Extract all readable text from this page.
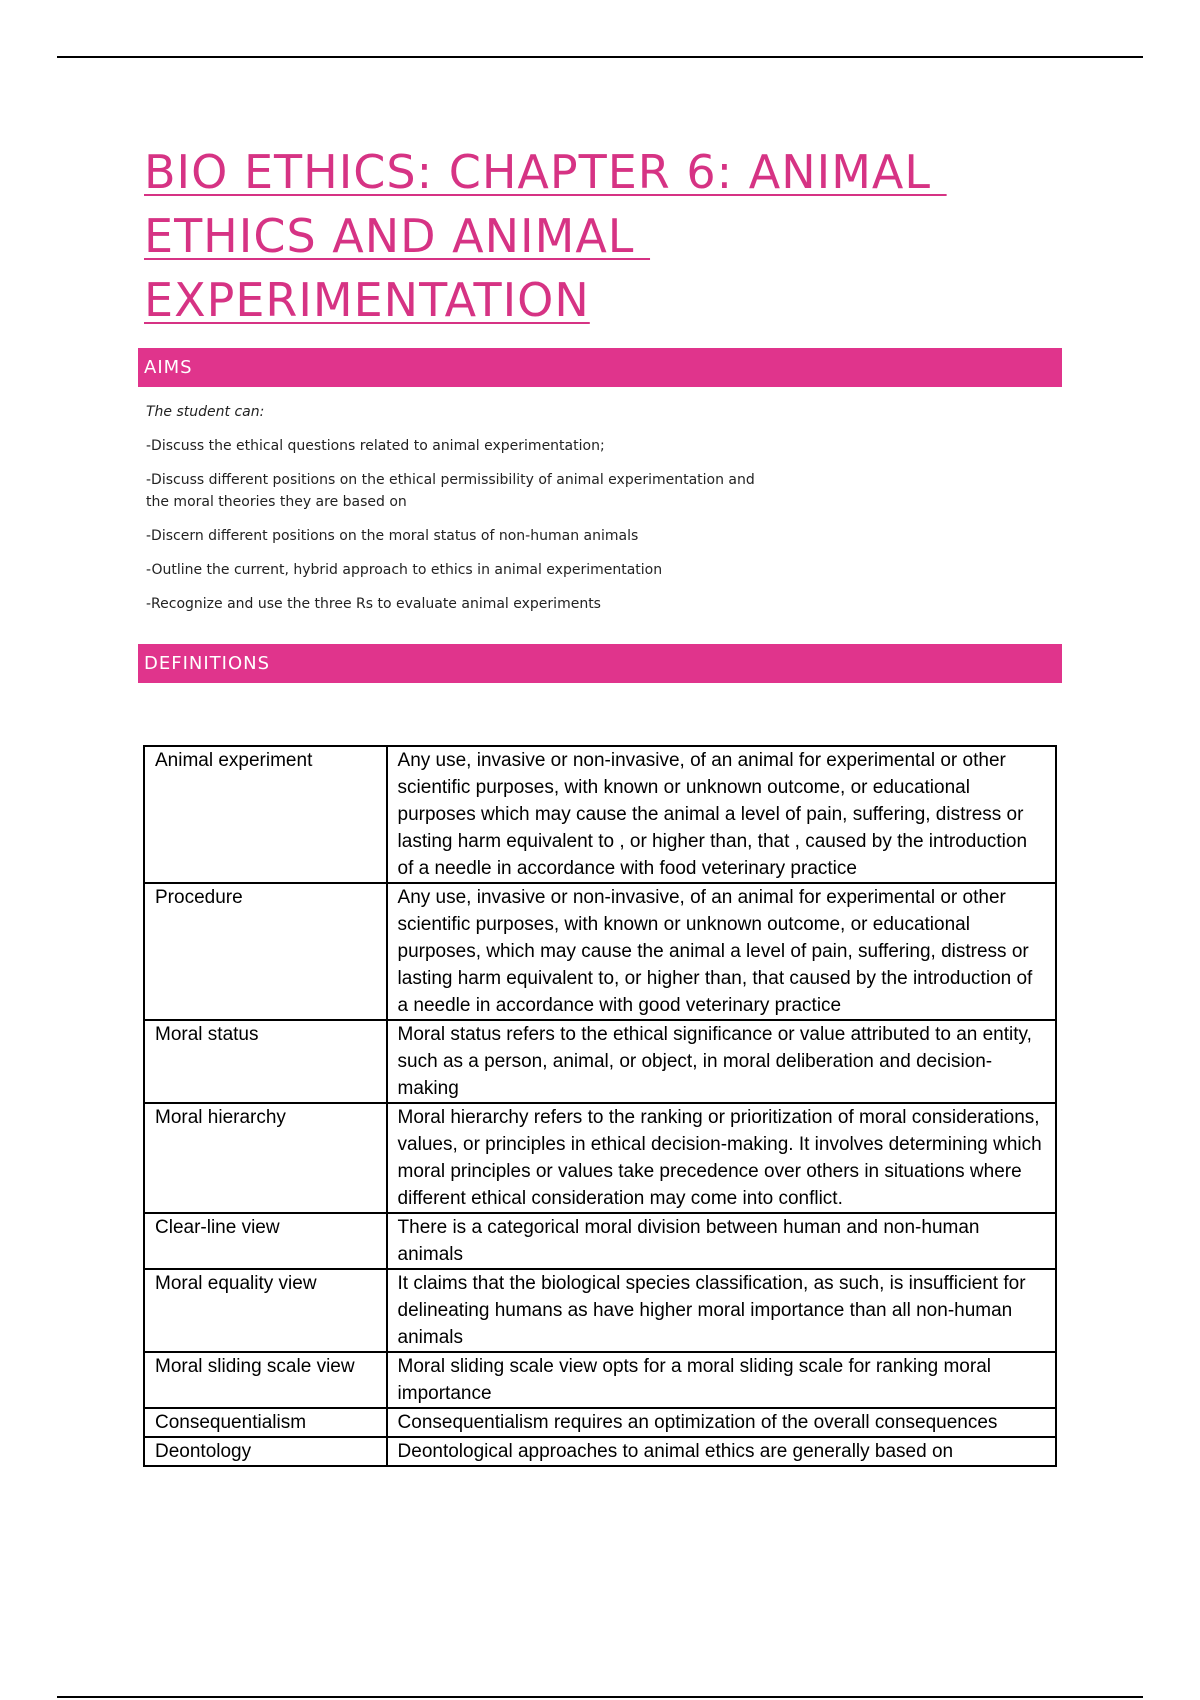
BIO ETHICS: CHAPTER 6: ANIMAL
ETHICS AND ANIMAL
EXPERIMENTATION
AIMS

The student can:

-Discuss the ethical questions related to animal experimentation;

-Discuss different positions on the ethical permissibility of animal experimentation and the moral theories they are based on

-Discern different positions on the moral status of non-human animals

-Outline the current, hybrid approach to ethics in animal experimentation

-Recognize and use the three Rs to evaluate animal experiments

DEFINITIONS
Animal experiment	Any use, invasive or non-invasive, of an animal for experimental or other scientific purposes, with known or unknown outcome, or educational purposes which may cause the animal a level of pain, suffering, distress or lasting harm equivalent to , or higher than, that , caused by the introduction of a needle in accordance with food veterinary practice
Procedure	Any use, invasive or non-invasive, of an animal for experimental or other scientific purposes, with known or unknown outcome, or educational purposes, which may cause the animal a level of pain, suffering, distress or lasting harm equivalent to, or higher than, that caused by the introduction of a needle in accordance with good veterinary practice
Moral status	Moral status refers to the ethical significance or value attributed to an entity, such as a person, animal, or object, in moral deliberation and decision-making
Moral hierarchy	Moral hierarchy refers to the ranking or prioritization of moral considerations, values, or principles in ethical decision-making. It involves determining which moral principles or values take precedence over others in situations where different ethical consideration may come into conflict.
Clear-line view	There is a categorical moral division between human and non-human animals
Moral equality view	It claims that the biological species classification, as such, is insufficient for delineating humans as have higher moral importance than all non-human animals
Moral sliding scale view	Moral sliding scale view opts for a moral sliding scale for ranking moral importance
Consequentialism	Consequentialism requires an optimization of the overall consequences
Deontology	Deontological approaches to animal ethics are generally based on
